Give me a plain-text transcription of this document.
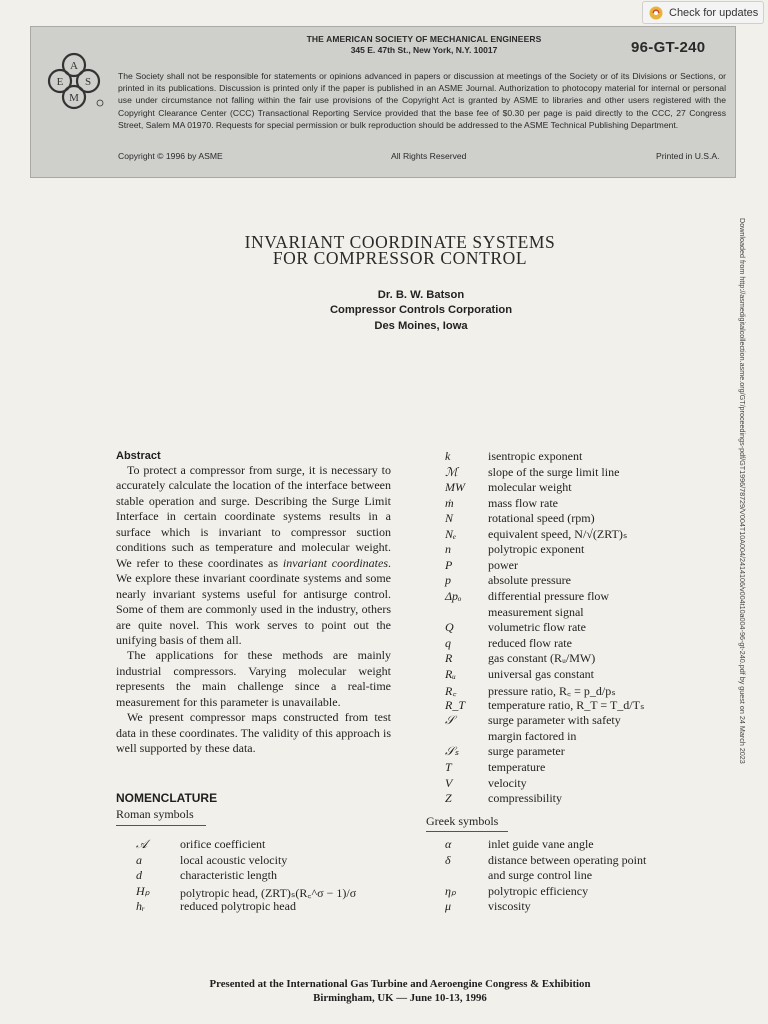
Check for updates
A
S
M
E
THE AMERICAN SOCIETY OF MECHANICAL ENGINEERS
345 E. 47th St., New York, N.Y. 10017	96-GT-240
The Society shall not be responsible for statements or opinions advanced in papers or discussion at meetings of the Society or of its Divisions or Sections, or printed in its publications. Discussion is printed only if the paper is published in an ASME Journal. Authorization to photocopy material for internal or personal use under circumstance not falling within the fair use provisions of the Copyright Act is granted by ASME to libraries and other users registered with the Copyright Clearance Center (CCC) Transactional Reporting Service provided that the base fee of $0.30 per page is paid directly to the CCC, 27 Congress Street, Salem MA 01970. Requests for special permission or bulk reproduction should be addressed to the ASME Technical Publishing Department.
Copyright © 1996 by ASME	All Rights Reserved	Printed in U.S.A.
Downloaded from http://asmedigitalcollection.asme.org/GT/proceedings-pdf/GT1996/78729/V004T10A004/2414106/v004t10a004-96-gt-240.pdf by guest on 24 March 2023
INVARIANT COORDINATE SYSTEMS
FOR COMPRESSOR CONTROL
Dr. B. W. Batson
Compressor Controls Corporation
Des Moines, Iowa
Abstract

To protect a compressor from surge, it is necessary to accurately calculate the location of the interface between stable operation and surge. Describing the Surge Limit Interface in certain coordinate systems results in a surface which is invariant to compressor suction conditions such as temperature and molecular weight. We refer to these coordinates as invariant coordinates. We explore these invariant coordinate systems and some nearly invariant systems useful for antisurge control. Some of them are commonly used in the industry, others are quite novel. This work serves to point out the unifying basis of them all.

The applications for these methods are mainly industrial compressors. Varying molecular weight represents the main challenge since a real-time measurement for this parameter is unavailable.

We present compressor maps constructed from test data in these coordinates. The validity of this approach is well supported by these data.

NOMENCLATURE
Roman symbols	Greek symbols
𝒜	orifice coefficient
a	local acoustic velocity
d	characteristic length
Hₚ	polytropic head, (ZRT)ₛ(R꜀^σ − 1)/σ
hᵣ	reduced polytropic head
k	isentropic exponent
ℳ	slope of the surge limit line
MW molecular weight
ṁ	mass flow rate
N	rotational speed (rpm)
Nₑ	equivalent speed, N/√(ZRT)ₛ
n	polytropic exponent
P	power
p	absolute pressure
Δpₒ differential pressure flow
measurement signal
Q	volumetric flow rate
q	reduced flow rate
R	gas constant (Rᵤ/MW)
Rᵤ	universal gas constant
R꜀	pressure ratio, R꜀ = p_d/pₛ
R_T temperature ratio, R_T = T_d/Tₛ
𝒮	surge parameter with safety
margin factored in
𝒮ₛ surge parameter
T	temperature
V	velocity
Z	compressibility
α	inlet guide vane angle
δ	distance between operating point
and surge control line
ηₚ	polytropic efficiency
μ	viscosity
Presented at the International Gas Turbine and Aeroengine Congress & Exhibition
Birmingham, UK — June 10-13, 1996
